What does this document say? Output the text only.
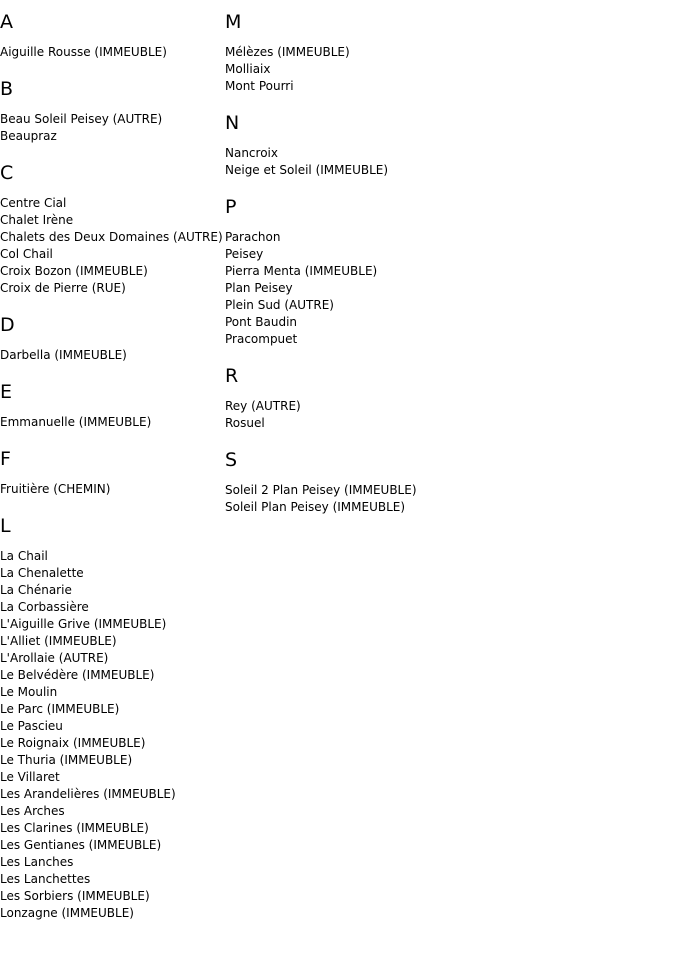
A
Aiguille Rousse (IMMEUBLE)
B
Beau Soleil Peisey (AUTRE)
Beaupraz
C
Centre Cial
Chalet Irène
Chalets des Deux Domaines (AUTRE)
Col Chail
Croix Bozon (IMMEUBLE)
Croix de Pierre (RUE)
D
Darbella (IMMEUBLE)
E
Emmanuelle (IMMEUBLE)
F
Fruitière (CHEMIN)
L
La Chail
La Chenalette
La Chénarie
La Corbassière
L'Aiguille Grive (IMMEUBLE)
L'Alliet (IMMEUBLE)
L'Arollaie (AUTRE)
Le Belvédère (IMMEUBLE)
Le Moulin
Le Parc (IMMEUBLE)
Le Pascieu
Le Roignaix (IMMEUBLE)
Le Thuria (IMMEUBLE)
Le Villaret
Les Arandelières (IMMEUBLE)
Les Arches
Les Clarines (IMMEUBLE)
Les Gentianes (IMMEUBLE)
Les Lanches
Les Lanchettes
Les Sorbiers (IMMEUBLE)
Lonzagne (IMMEUBLE)
M
Mélèzes (IMMEUBLE)
Molliaix
Mont Pourri
N
Nancroix
Neige et Soleil (IMMEUBLE)
P
Parachon
Peisey
Pierra Menta (IMMEUBLE)
Plan Peisey
Plein Sud (AUTRE)
Pont Baudin
Pracompuet
R
Rey (AUTRE)
Rosuel
S
Soleil 2 Plan Peisey (IMMEUBLE)
Soleil Plan Peisey (IMMEUBLE)
